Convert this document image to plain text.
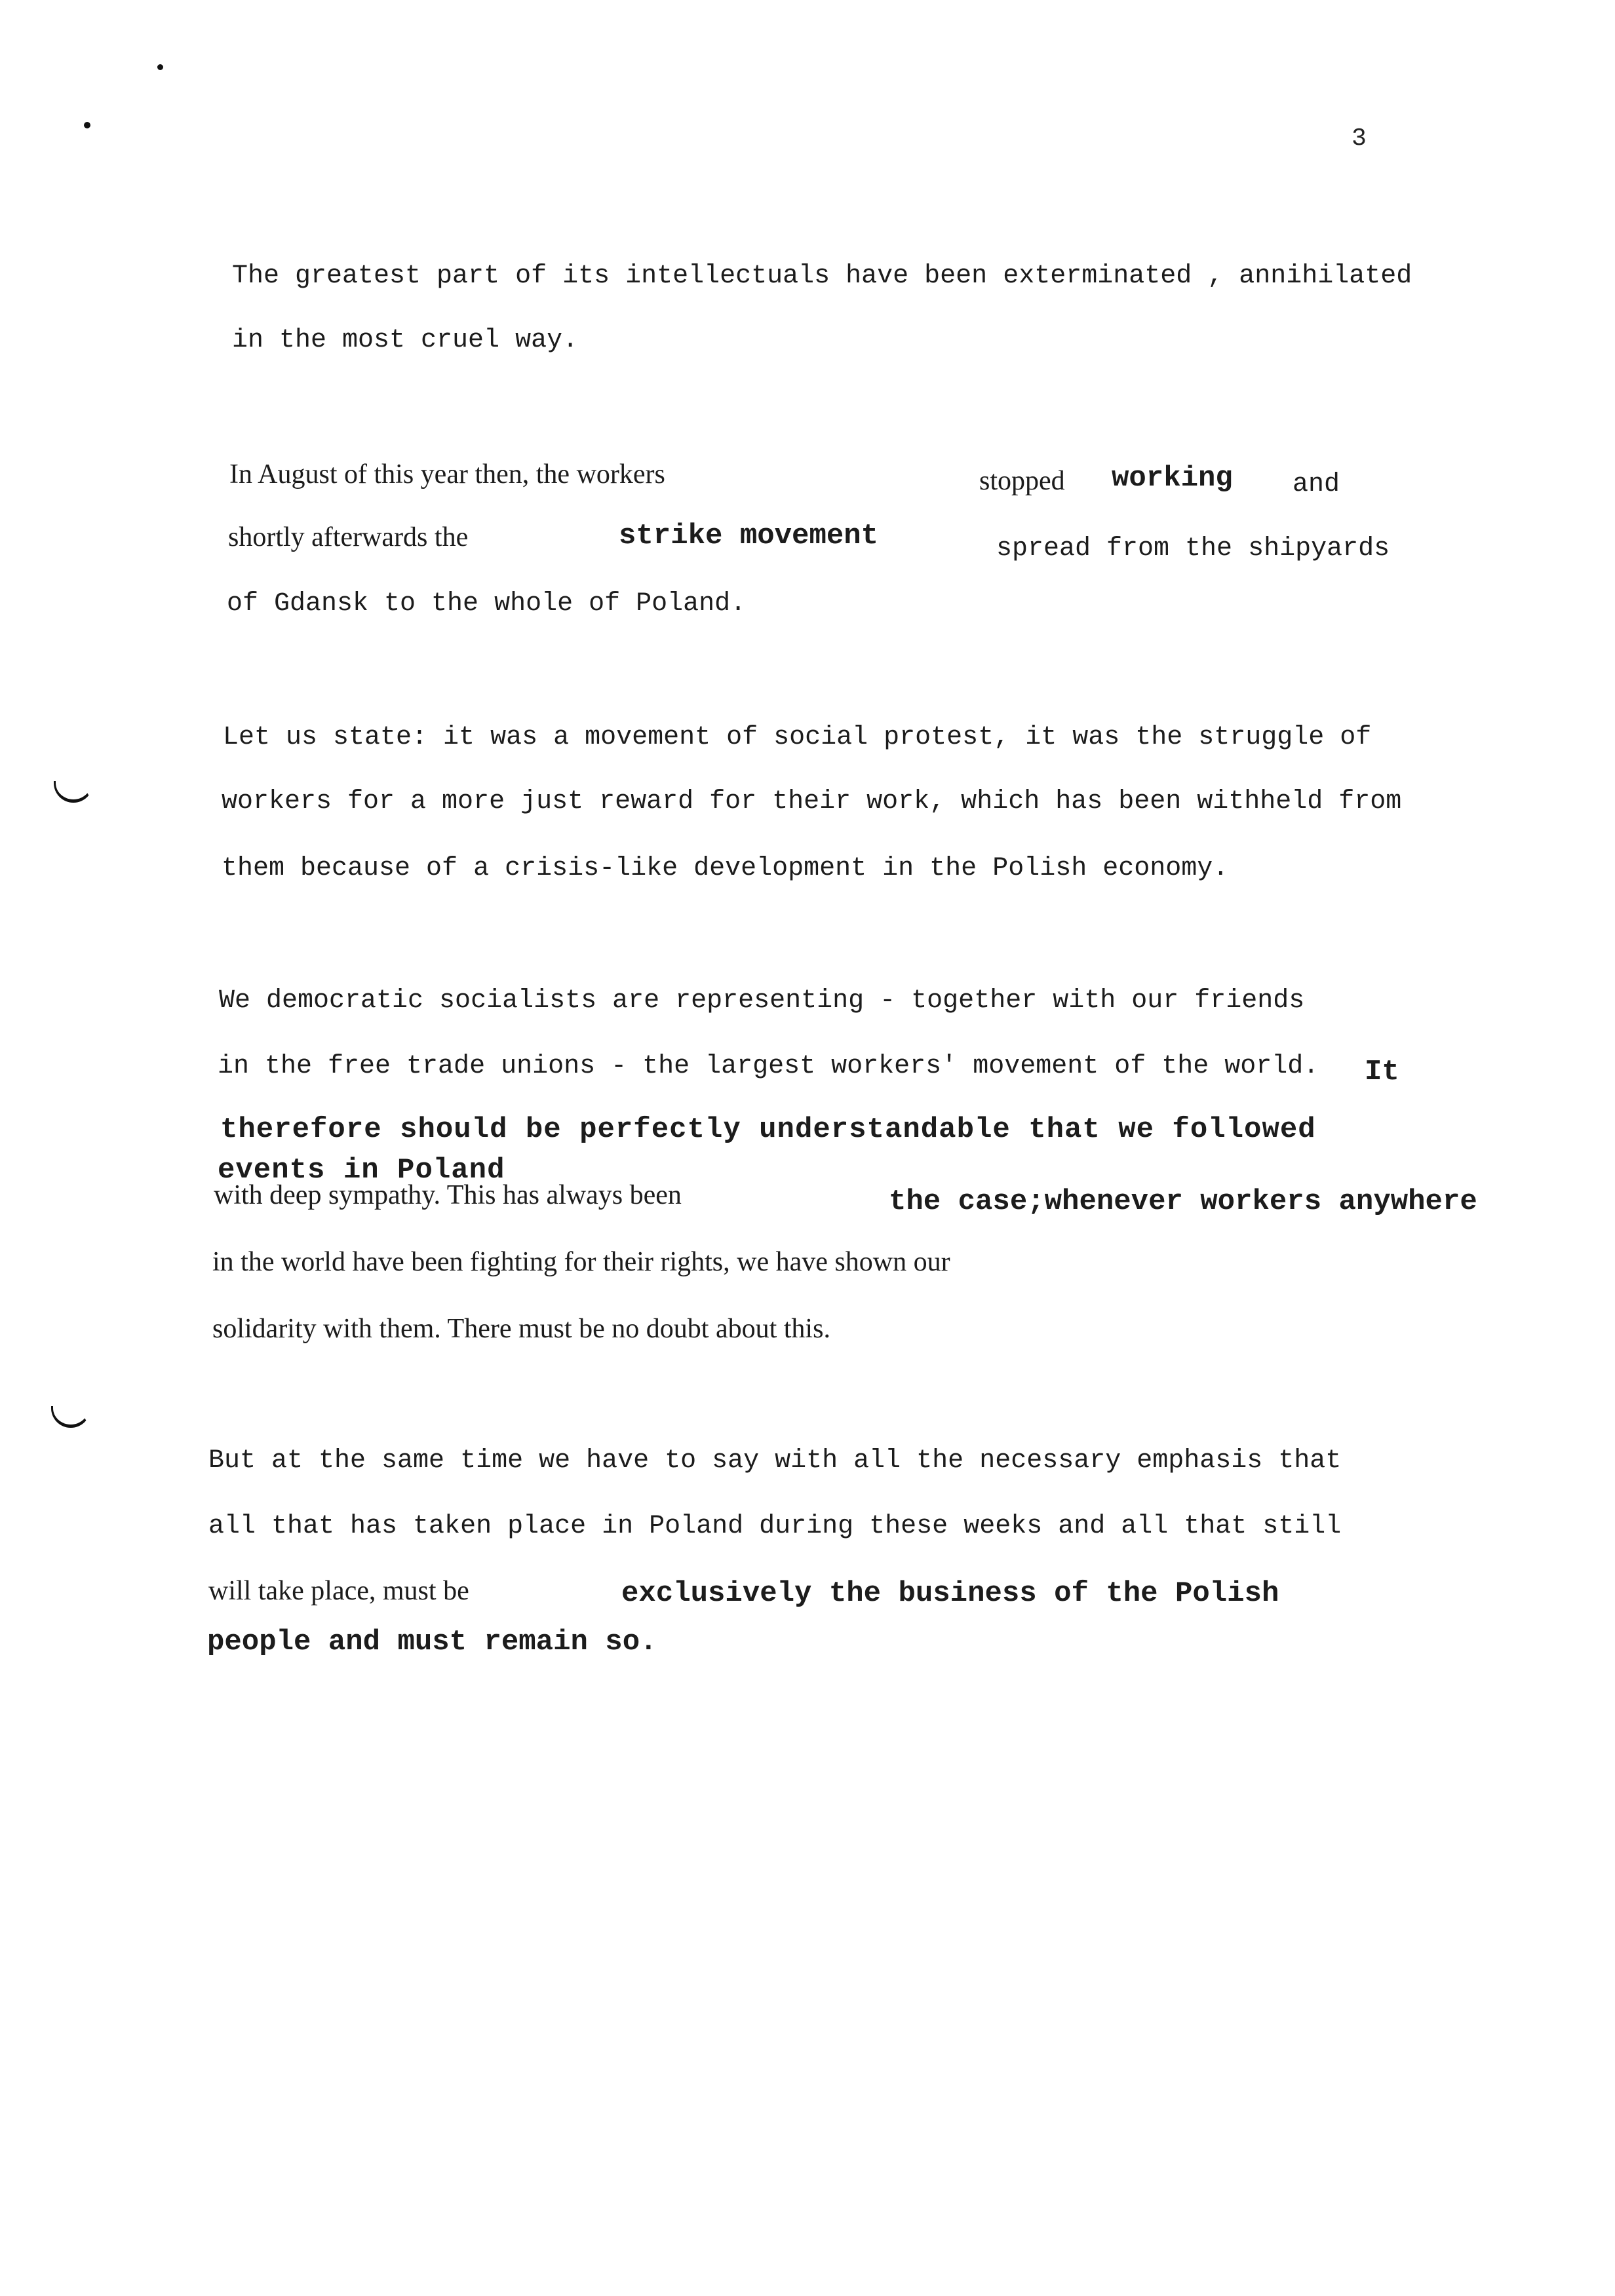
3
The greatest part of its intellectuals have been exterminated , annihilated
in the most cruel way.

In August of this year then, the workers

	stopped

working

and

shortly afterwards the

	strike movement

	spread from the shipyards

of Gdansk to the whole of Poland.
Let us state: it was a movement of social protest, it was the struggle of
workers for a more just reward for their work, which has been withheld from
them because of a crisis-like development in the Polish economy.
We democratic socialists are representing - together with our friends

in the free trade unions - the largest workers' movement of the world.

It

therefore should be perfectly understandable that we followed
events in Poland

with deep sympathy. This has always been

	the case;whenever workers anywhere

in the world have been fighting for their rights, we have shown our
solidarity with them. There must be no doubt about this.
But at the same time we have to say with all the necessary emphasis that
all that has taken place in Poland during these weeks and all that still

will take place, must be

	exclusively the business of the Polish

people and must remain so.
